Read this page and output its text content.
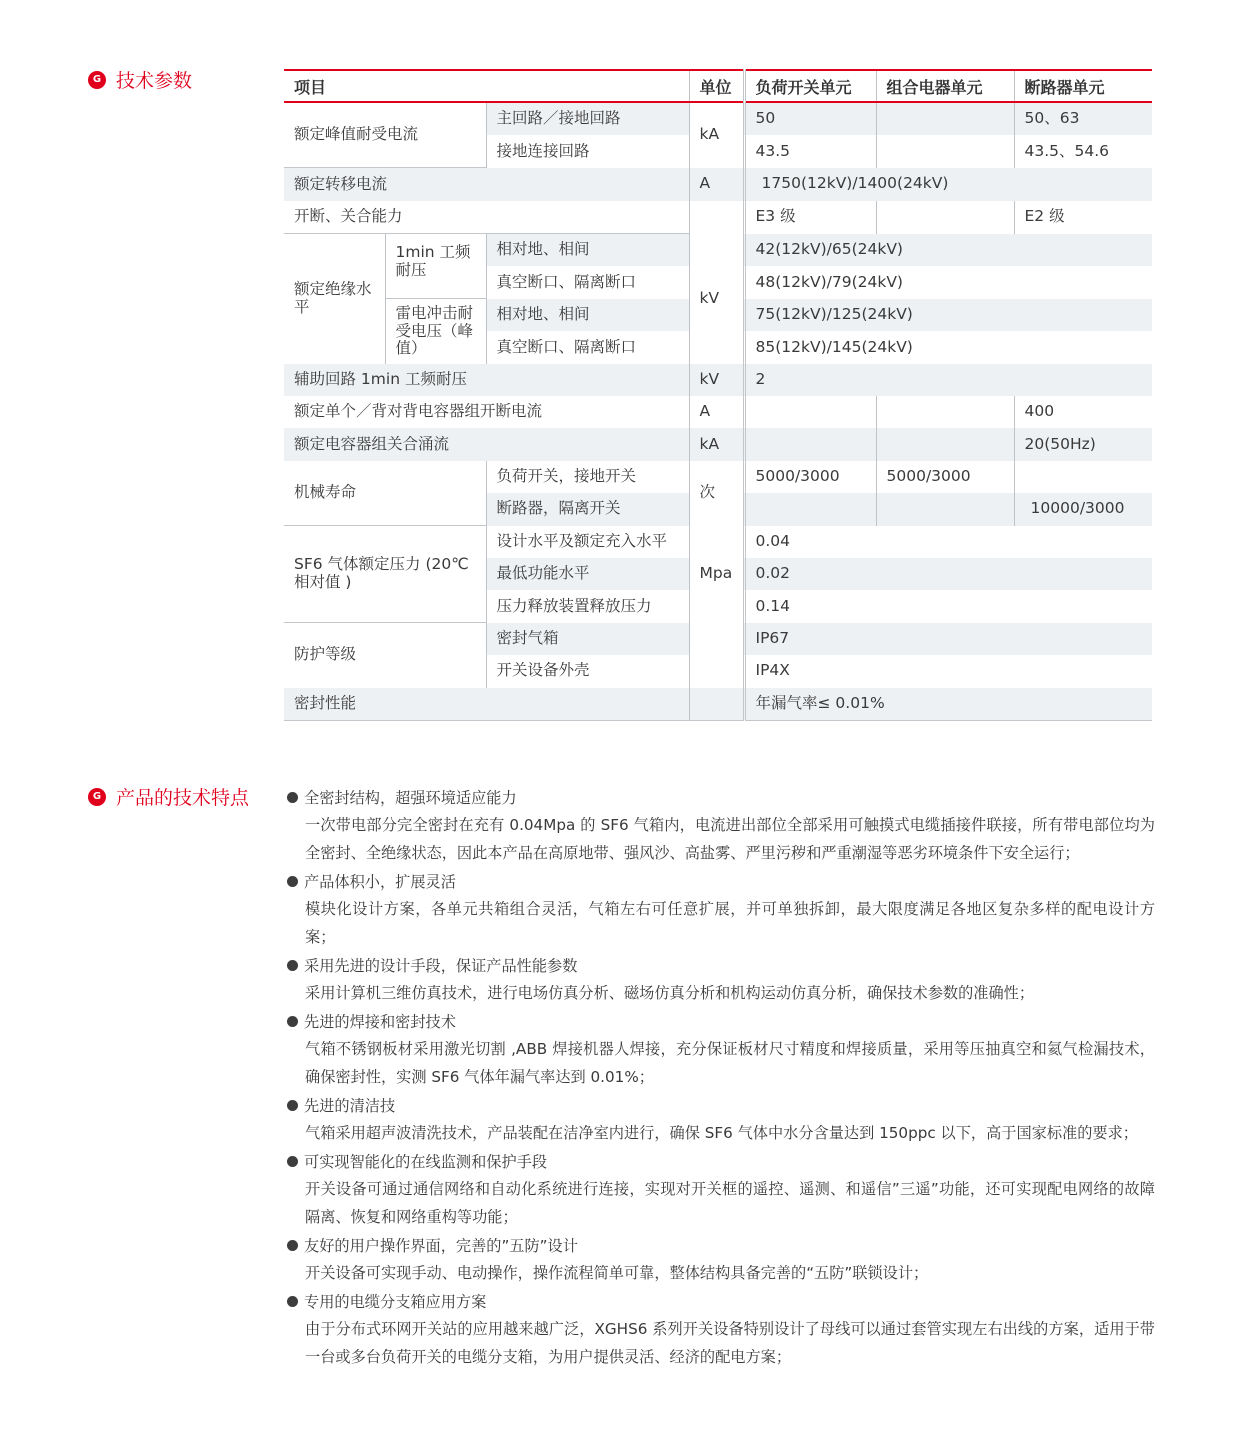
G 技术参数	项目			单位	负荷开关单元	组合电器单元	断路器单元
额定峰值耐受电流		主回路／接地回路	kA	50		50、63
		接地连接回路		43.5		43.5、54.6
额定转移电流			A	1750(12kV)/1400(24kV)		
开断、关合能力				E3 级		E2 级
额定绝缘水平	1min 工频耐压	相对地、相间	kV	42(12kV)/65(24kV)		
		真空断口、隔离断口		48(12kV)/79(24kV)		
	雷电冲击耐受电压（峰值）	相对地、相间		75(12kV)/125(24kV)		
		真空断口、隔离断口		85(12kV)/145(24kV)		
辅助回路 1min 工频耐压			kV	2		
额定单个／背对背电容器组开断电流			A			400
额定电容器组关合涌流			kA			20(50Hz)
机械寿命		负荷开关，接地开关	次	5000/3000	5000/3000	
		断路器，隔离开关				10000/3000
SF6 气体额定压力 (20℃相对值 )		设计水平及额定充入水平	Mpa	0.04		
		最低功能水平		0.02		
		压力释放装置释放压力		0.14		
防护等级		密封气箱		IP67		
		开关设备外壳		IP4X		
密封性能				年漏气率≤ 0.01%		
G 产品的技术特点	全密封结构，超强环境适应能力
一次带电部分完全密封在充有 0.04Mpa 的 SF6 气箱内，电流进出部位全部采用可触摸式电缆插接件联接，所有带电部位均为全密封、全绝缘状态，因此本产品在高原地带、强风沙、高盐雾、严里污秽和严重潮湿等恶劣环境条件下安全运行；
产品体积小，扩展灵活
模块化设计方案，各单元共箱组合灵活，气箱左右可任意扩展，并可单独拆卸，最大限度满足各地区复杂多样的配电设计方案；
采用先进的设计手段，保证产品性能参数
采用计算机三维仿真技术，进行电场仿真分析、磁场仿真分析和机构运动仿真分析，确保技术参数的准确性；
先进的焊接和密封技术
气箱不锈钢板材采用激光切割 ,ABB 焊接机器人焊接，充分保证板材尺寸精度和焊接质量，采用等压抽真空和氦气检漏技术，确保密封性，实测 SF6 气体年漏气率达到 0.01%；
先进的清洁技
气箱采用超声波清洗技术，产品装配在洁净室内进行，确保 SF6 气体中水分含量达到 150ppc 以下，高于国家标准的要求；
可实现智能化的在线监测和保护手段
开关设备可通过通信网络和自动化系统进行连接，实现对开关框的遥控、遥测、和遥信”三遥”功能，还可实现配电网络的故障隔离、恢复和网络重构等功能；
友好的用户操作界面，完善的”五防”设计
开关设备可实现手动、电动操作，操作流程简单可靠，整体结构具备完善的“五防”联锁设计；
专用的电缆分支箱应用方案
由于分布式环网开关站的应用越来越广泛，XGHS6 系列开关设备特别设计了母线可以通过套管实现左右出线的方案，适用于带一台或多台负荷开关的电缆分支箱，为用户提供灵活、经济的配电方案；
